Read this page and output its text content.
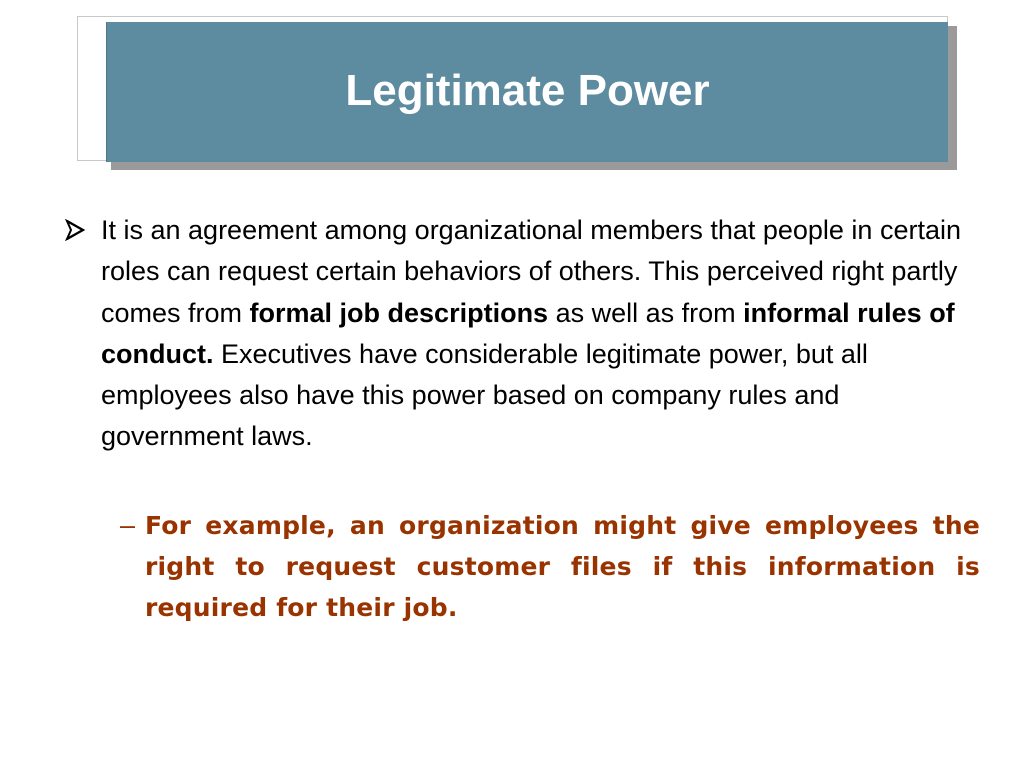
Legitimate Power
It is an agreement among organizational members that people in certain roles can request certain behaviors of others. This perceived right partly comes from formal job descriptions as well as from informal rules of conduct. Executives have considerable legitimate power, but all employees also have this power based on company rules and government laws.
– For example, an organization might give employees the right to request customer files if this information is required for their job.
